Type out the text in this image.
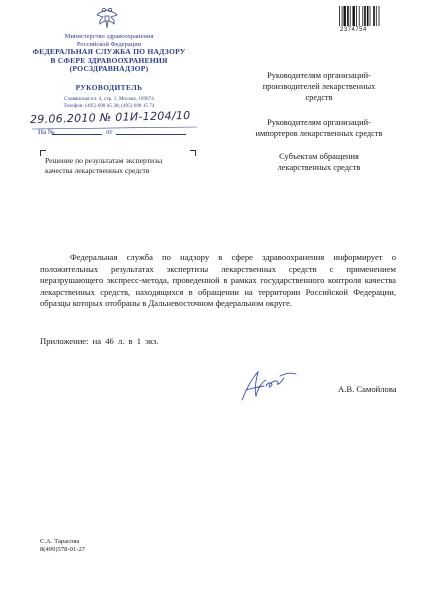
Министерство здравоохранения
Российской Федерации
ФЕДЕРАЛЬНАЯ СЛУЖБА ПО НАДЗОРУ
В СФЕРЕ ЗДРАВООХРАНЕНИЯ
(РОСЗДРАВНАДЗОР)
РУКОВОДИТЕЛЬ
Славянская пл. 4, стр. 1, Москва, 109074
Телефон: (495) 698 45 38; (495) 698 15 74
29.06.2010 № 01И-1204/10
На №	от
Решение по результатам экспертизы
качества лекарственных средств
2374754
Руководителям организаций-
производителей лекарственных
средств
Руководителям организаций-
импортеров лекарственных средств
Субъектам обращения
лекарственных средств

Федеральная служба по надзору в сфере здравоохранения информирует о положительных результатах экспертизы лекарственных средств с применением неразрушающего экспресс-метода, проведенной в рамках государственного контроля качества лекарственных средств, находящихся в обращении на территории Российской Федерации, образцы которых отобраны в Дальневосточном федеральном округе.

Приложение: на 46 л. в 1 экз.
А.В. Самойлова
С.А. Тарасова
8(499)578-01-27
